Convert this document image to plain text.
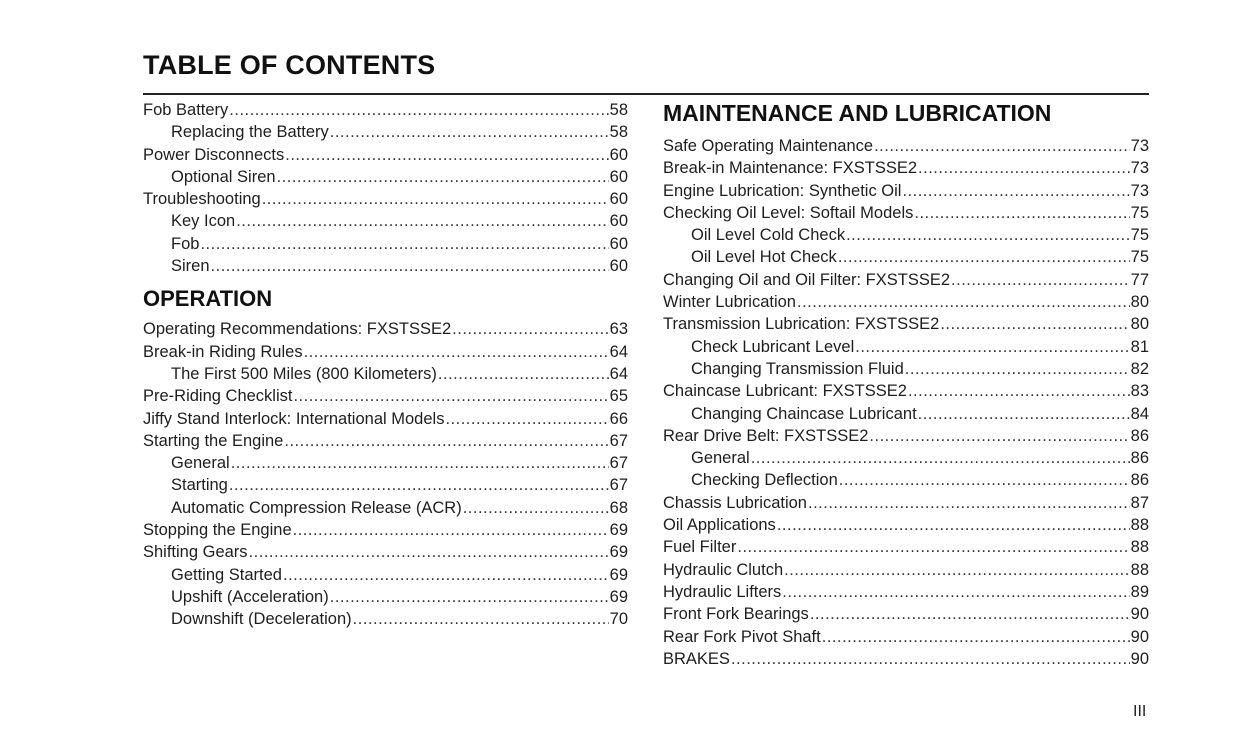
TABLE OF CONTENTS
Fob Battery .....	58
Replacing the Battery .....	58
Power Disconnects .....	60
Optional Siren .....	60
Troubleshooting .....	60
Key Icon .....	60
Fob .....	60
Siren .....	60
OPERATION
Operating Recommendations: FXSTSSE2 .....	63
Break-in Riding Rules .....	64
The First 500 Miles (800 Kilometers) .....	64
Pre-Riding Checklist .....	65
Jiffy Stand Interlock: International Models .....	66
Starting the Engine .....	67
General .....	67
Starting .....	67
Automatic Compression Release (ACR) .....	68
Stopping the Engine .....	69
Shifting Gears .....	69
Getting Started .....	69
Upshift (Acceleration) .....	69
Downshift (Deceleration) .....	70
MAINTENANCE AND LUBRICATION
Safe Operating Maintenance .....	73
Break-in Maintenance: FXSTSSE2 .....	73
Engine Lubrication: Synthetic Oil .....	73
Checking Oil Level: Softail Models .....	75
Oil Level Cold Check .....	75
Oil Level Hot Check .....	75
Changing Oil and Oil Filter: FXSTSSE2 .....	77
Winter Lubrication .....	80
Transmission Lubrication: FXSTSSE2 .....	80
Check Lubricant Level .....	81
Changing Transmission Fluid .....	82
Chaincase Lubricant: FXSTSSE2 .....	83
Changing Chaincase Lubricant .....	84
Rear Drive Belt: FXSTSSE2 .....	86
General .....	86
Checking Deflection .....	86
Chassis Lubrication .....	87
Oil Applications .....	88
Fuel Filter .....	88
Hydraulic Clutch .....	88
Hydraulic Lifters .....	89
Front Fork Bearings .....	90
Rear Fork Pivot Shaft .....	90
BRAKES .....	90
III
